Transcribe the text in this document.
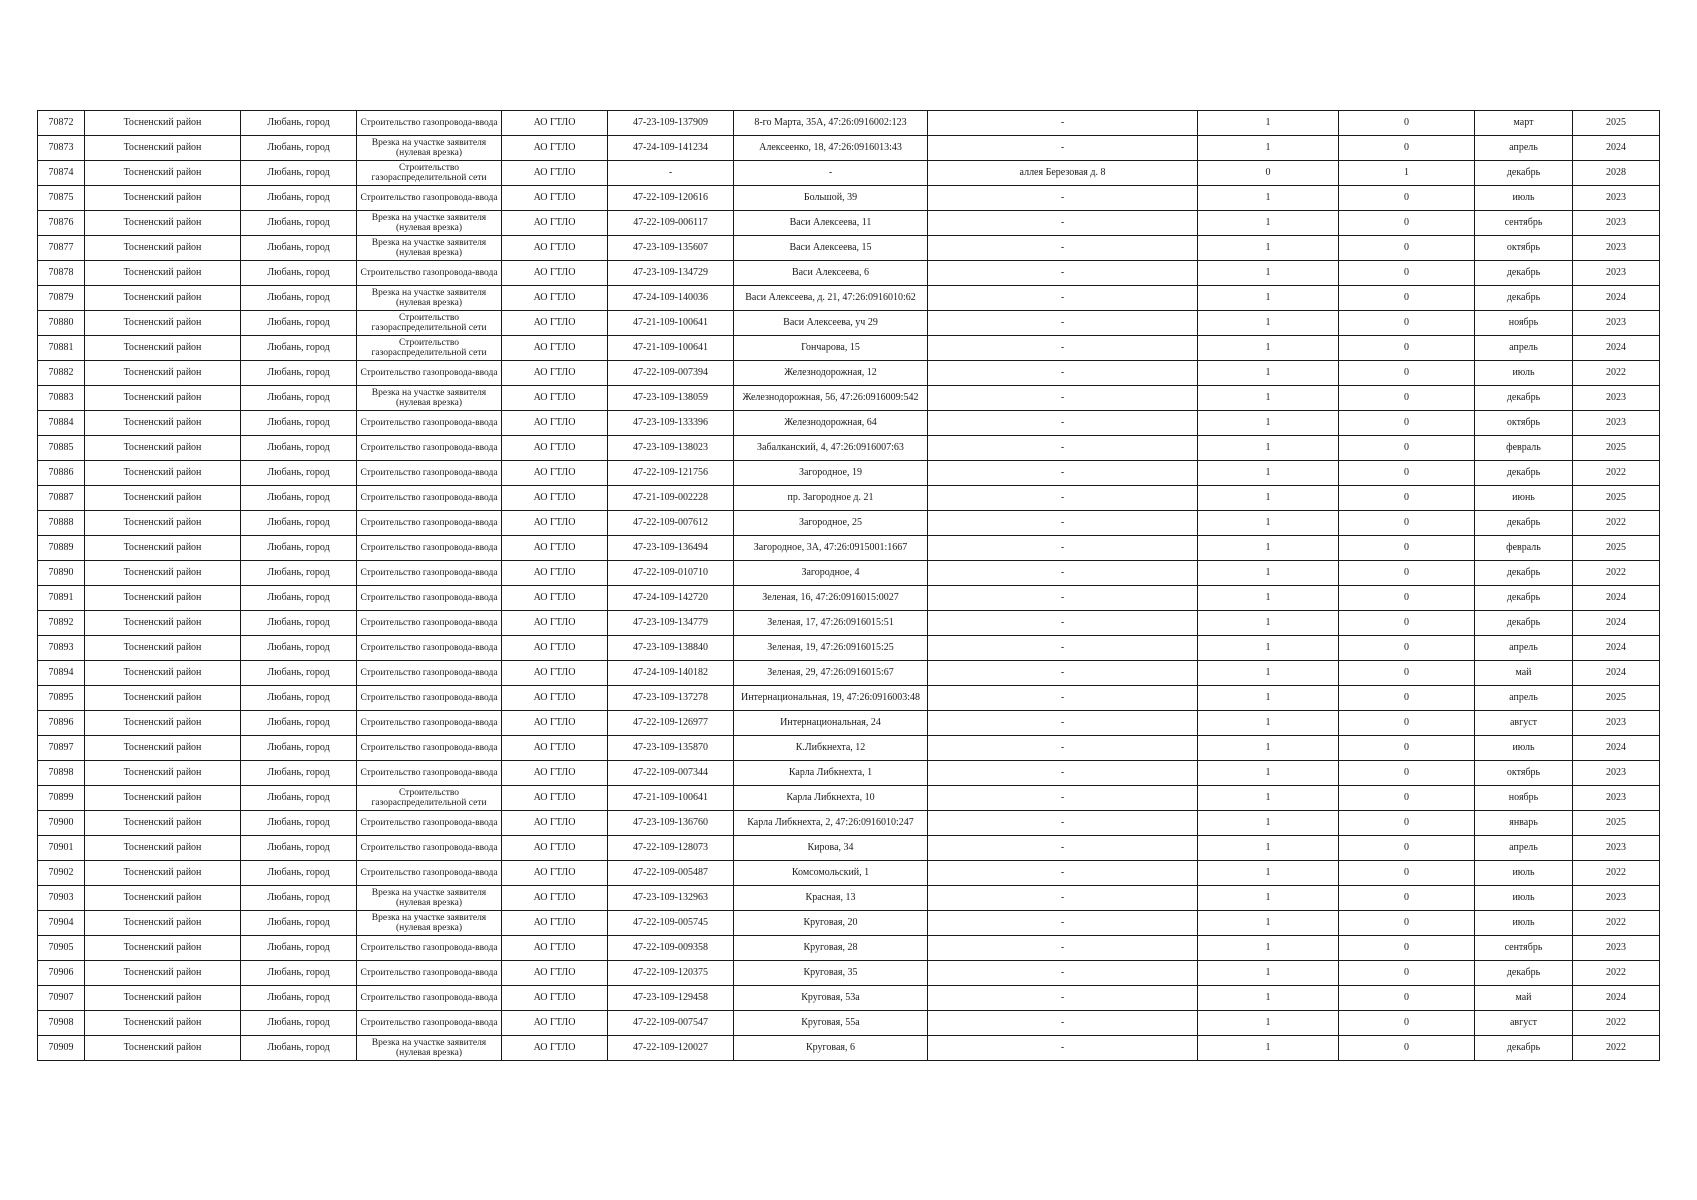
70872	Тосненский район	Любань, город	Строительство газопровода-ввода	АО ГТЛО	47-23-109-137909	8-го Марта, 35А, 47:26:0916002:123	-	1	0	март	2025
70873	Тосненский район	Любань, город	Врезка на участке заявителя (нулевая врезка)	АО ГТЛО	47-24-109-141234	Алексеенко, 18, 47:26:0916013:43	-	1	0	апрель	2024
70874	Тосненский район	Любань, город	Строительство газораспределительной сети	АО ГТЛО	-	-	аллея Березовая д. 8	0	1	декабрь	2028
70875	Тосненский район	Любань, город	Строительство газопровода-ввода	АО ГТЛО	47-22-109-120616	Большой, 39	-	1	0	июль	2023
70876	Тосненский район	Любань, город	Врезка на участке заявителя (нулевая врезка)	АО ГТЛО	47-22-109-006117	Васи Алексеева, 11	-	1	0	сентябрь	2023
70877	Тосненский район	Любань, город	Врезка на участке заявителя (нулевая врезка)	АО ГТЛО	47-23-109-135607	Васи Алексеева, 15	-	1	0	октябрь	2023
70878	Тосненский район	Любань, город	Строительство газопровода-ввода	АО ГТЛО	47-23-109-134729	Васи Алексеева, 6	-	1	0	декабрь	2023
70879	Тосненский район	Любань, город	Врезка на участке заявителя (нулевая врезка)	АО ГТЛО	47-24-109-140036	Васи Алексеева, д. 21, 47:26:0916010:62	-	1	0	декабрь	2024
70880	Тосненский район	Любань, город	Строительство газораспределительной сети	АО ГТЛО	47-21-109-100641	Васи Алексеева, уч 29	-	1	0	ноябрь	2023
70881	Тосненский район	Любань, город	Строительство газораспределительной сети	АО ГТЛО	47-21-109-100641	Гончарова, 15	-	1	0	апрель	2024
70882	Тосненский район	Любань, город	Строительство газопровода-ввода	АО ГТЛО	47-22-109-007394	Железнодорожная, 12	-	1	0	июль	2022
70883	Тосненский район	Любань, город	Врезка на участке заявителя (нулевая врезка)	АО ГТЛО	47-23-109-138059	Железнодорожная, 56, 47:26:0916009:542	-	1	0	декабрь	2023
70884	Тосненский район	Любань, город	Строительство газопровода-ввода	АО ГТЛО	47-23-109-133396	Железнодорожная, 64	-	1	0	октябрь	2023
70885	Тосненский район	Любань, город	Строительство газопровода-ввода	АО ГТЛО	47-23-109-138023	Забалканский, 4, 47:26:0916007:63	-	1	0	февраль	2025
70886	Тосненский район	Любань, город	Строительство газопровода-ввода	АО ГТЛО	47-22-109-121756	Загородное, 19	-	1	0	декабрь	2022
70887	Тосненский район	Любань, город	Строительство газопровода-ввода	АО ГТЛО	47-21-109-002228	пр. Загородное д. 21	-	1	0	июнь	2025
70888	Тосненский район	Любань, город	Строительство газопровода-ввода	АО ГТЛО	47-22-109-007612	Загородное, 25	-	1	0	декабрь	2022
70889	Тосненский район	Любань, город	Строительство газопровода-ввода	АО ГТЛО	47-23-109-136494	Загородное, 3А, 47:26:0915001:1667	-	1	0	февраль	2025
70890	Тосненский район	Любань, город	Строительство газопровода-ввода	АО ГТЛО	47-22-109-010710	Загородное, 4	-	1	0	декабрь	2022
70891	Тосненский район	Любань, город	Строительство газопровода-ввода	АО ГТЛО	47-24-109-142720	Зеленая, 16, 47:26:0916015:0027	-	1	0	декабрь	2024
70892	Тосненский район	Любань, город	Строительство газопровода-ввода	АО ГТЛО	47-23-109-134779	Зеленая, 17, 47:26:0916015:51	-	1	0	декабрь	2024
70893	Тосненский район	Любань, город	Строительство газопровода-ввода	АО ГТЛО	47-23-109-138840	Зеленая, 19, 47:26:0916015:25	-	1	0	апрель	2024
70894	Тосненский район	Любань, город	Строительство газопровода-ввода	АО ГТЛО	47-24-109-140182	Зеленая, 29, 47:26:0916015:67	-	1	0	май	2024
70895	Тосненский район	Любань, город	Строительство газопровода-ввода	АО ГТЛО	47-23-109-137278	Интернациональная, 19, 47:26:0916003:48	-	1	0	апрель	2025
70896	Тосненский район	Любань, город	Строительство газопровода-ввода	АО ГТЛО	47-22-109-126977	Интернациональная, 24	-	1	0	август	2023
70897	Тосненский район	Любань, город	Строительство газопровода-ввода	АО ГТЛО	47-23-109-135870	К.Либкнехта, 12	-	1	0	июль	2024
70898	Тосненский район	Любань, город	Строительство газопровода-ввода	АО ГТЛО	47-22-109-007344	Карла Либкнехта, 1	-	1	0	октябрь	2023
70899	Тосненский район	Любань, город	Строительство газораспределительной сети	АО ГТЛО	47-21-109-100641	Карла Либкнехта, 10	-	1	0	ноябрь	2023
70900	Тосненский район	Любань, город	Строительство газопровода-ввода	АО ГТЛО	47-23-109-136760	Карла Либкнехта, 2, 47:26:0916010:247	-	1	0	январь	2025
70901	Тосненский район	Любань, город	Строительство газопровода-ввода	АО ГТЛО	47-22-109-128073	Кирова, 34	-	1	0	апрель	2023
70902	Тосненский район	Любань, город	Строительство газопровода-ввода	АО ГТЛО	47-22-109-005487	Комсомольский, 1	-	1	0	июль	2022
70903	Тосненский район	Любань, город	Врезка на участке заявителя (нулевая врезка)	АО ГТЛО	47-23-109-132963	Красная, 13	-	1	0	июль	2023
70904	Тосненский район	Любань, город	Врезка на участке заявителя (нулевая врезка)	АО ГТЛО	47-22-109-005745	Круговая, 20	-	1	0	июль	2022
70905	Тосненский район	Любань, город	Строительство газопровода-ввода	АО ГТЛО	47-22-109-009358	Круговая, 28	-	1	0	сентябрь	2023
70906	Тосненский район	Любань, город	Строительство газопровода-ввода	АО ГТЛО	47-22-109-120375	Круговая, 35	-	1	0	декабрь	2022
70907	Тосненский район	Любань, город	Строительство газопровода-ввода	АО ГТЛО	47-23-109-129458	Круговая, 53а	-	1	0	май	2024
70908	Тосненский район	Любань, город	Строительство газопровода-ввода	АО ГТЛО	47-22-109-007547	Круговая, 55а	-	1	0	август	2022
70909	Тосненский район	Любань, город	Врезка на участке заявителя (нулевая врезка)	АО ГТЛО	47-22-109-120027	Круговая, 6	-	1	0	декабрь	2022
